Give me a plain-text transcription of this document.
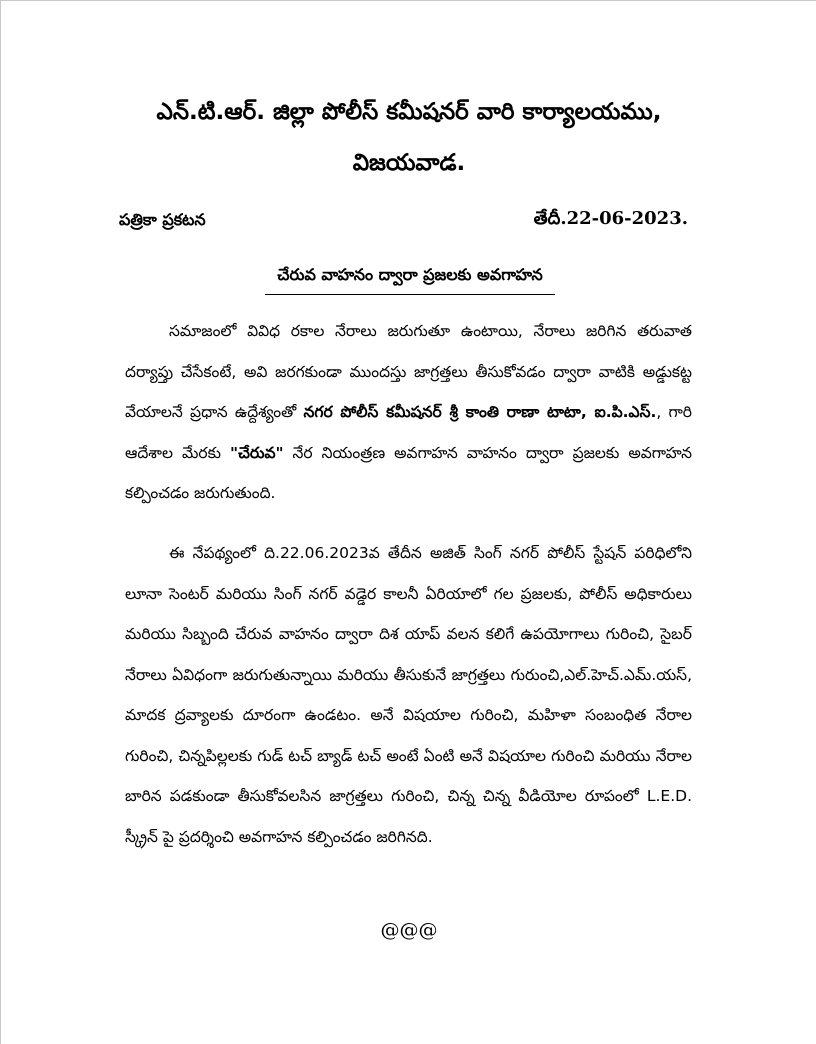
ఎన్.టి.ఆర్. జిల్లా పోలీస్ కమీషనర్ వారి కార్యాలయము,
విజయవాడ.
పత్రికా ప్రకటన	తేదీ.22-06-2023.
చేరువ వాహనం ద్వారా ప్రజలకు అవగాహన
సమాజంలో వివిధ రకాల నేరాలు జరుగుతూ ఉంటాయి, నేరాలు జరిగిన తరువాత దర్యాప్తు చేసేకంటే, అవి జరగకుండా ముందస్తు జాగ్రత్తలు తీసుకోవడం ద్వారా వాటికి అడ్డుకట్ట వేయాలనే ప్రధాన ఉద్దేశ్యంతో నగర పోలీస్ కమీషనర్ శ్రీ కాంతి రాణా టాటా, ఐ.పి.ఎస్., గారి ఆదేశాల మేరకు "చేరువ" నేర నియంత్రణ అవగాహన వాహనం ద్వారా ప్రజలకు అవగాహన కల్పించడం జరుగుతుంది.
ఈ నేపథ్యంలో ది.22.06.2023వ తేదీన అజిత్ సింగ్ నగర్ పోలీస్ స్టేషన్ పరిధిలోని లూనా సెంటర్ మరియు సింగ్ నగర్ వడ్డెర కాలనీ ఏరియాలో గల ప్రజలకు, పోలీస్ అధికారులు మరియు సిబ్బంది చేరువ వాహనం ద్వారా దిశ యాప్ వలన కలిగే ఉపయోగాలు గురించి, సైబర్ నేరాలు ఏవిధంగా జరుగుతున్నాయి మరియు తీసుకునే జాగ్రత్తలు గురుంచి,ఎల్.హెచ్.ఎమ్.యస్, మాదక ద్రవ్యాలకు దూరంగా ఉండటం. అనే విషయాల గురించి, మహిళా సంబంధిత నేరాల గురించి, చిన్నపిల్లలకు గుడ్ టచ్ బ్యాడ్ టచ్ అంటే ఏంటి అనే విషయాల గురించి మరియు నేరాల బారిన పడకుండా తీసుకోవలసిన జాగ్రత్తలు గురించి, చిన్న చిన్న వీడియోల రూపంలో L.E.D. స్క్రీన్ పై ప్రదర్శించి అవగాహన కల్పించడం జరిగినది.
@@@
